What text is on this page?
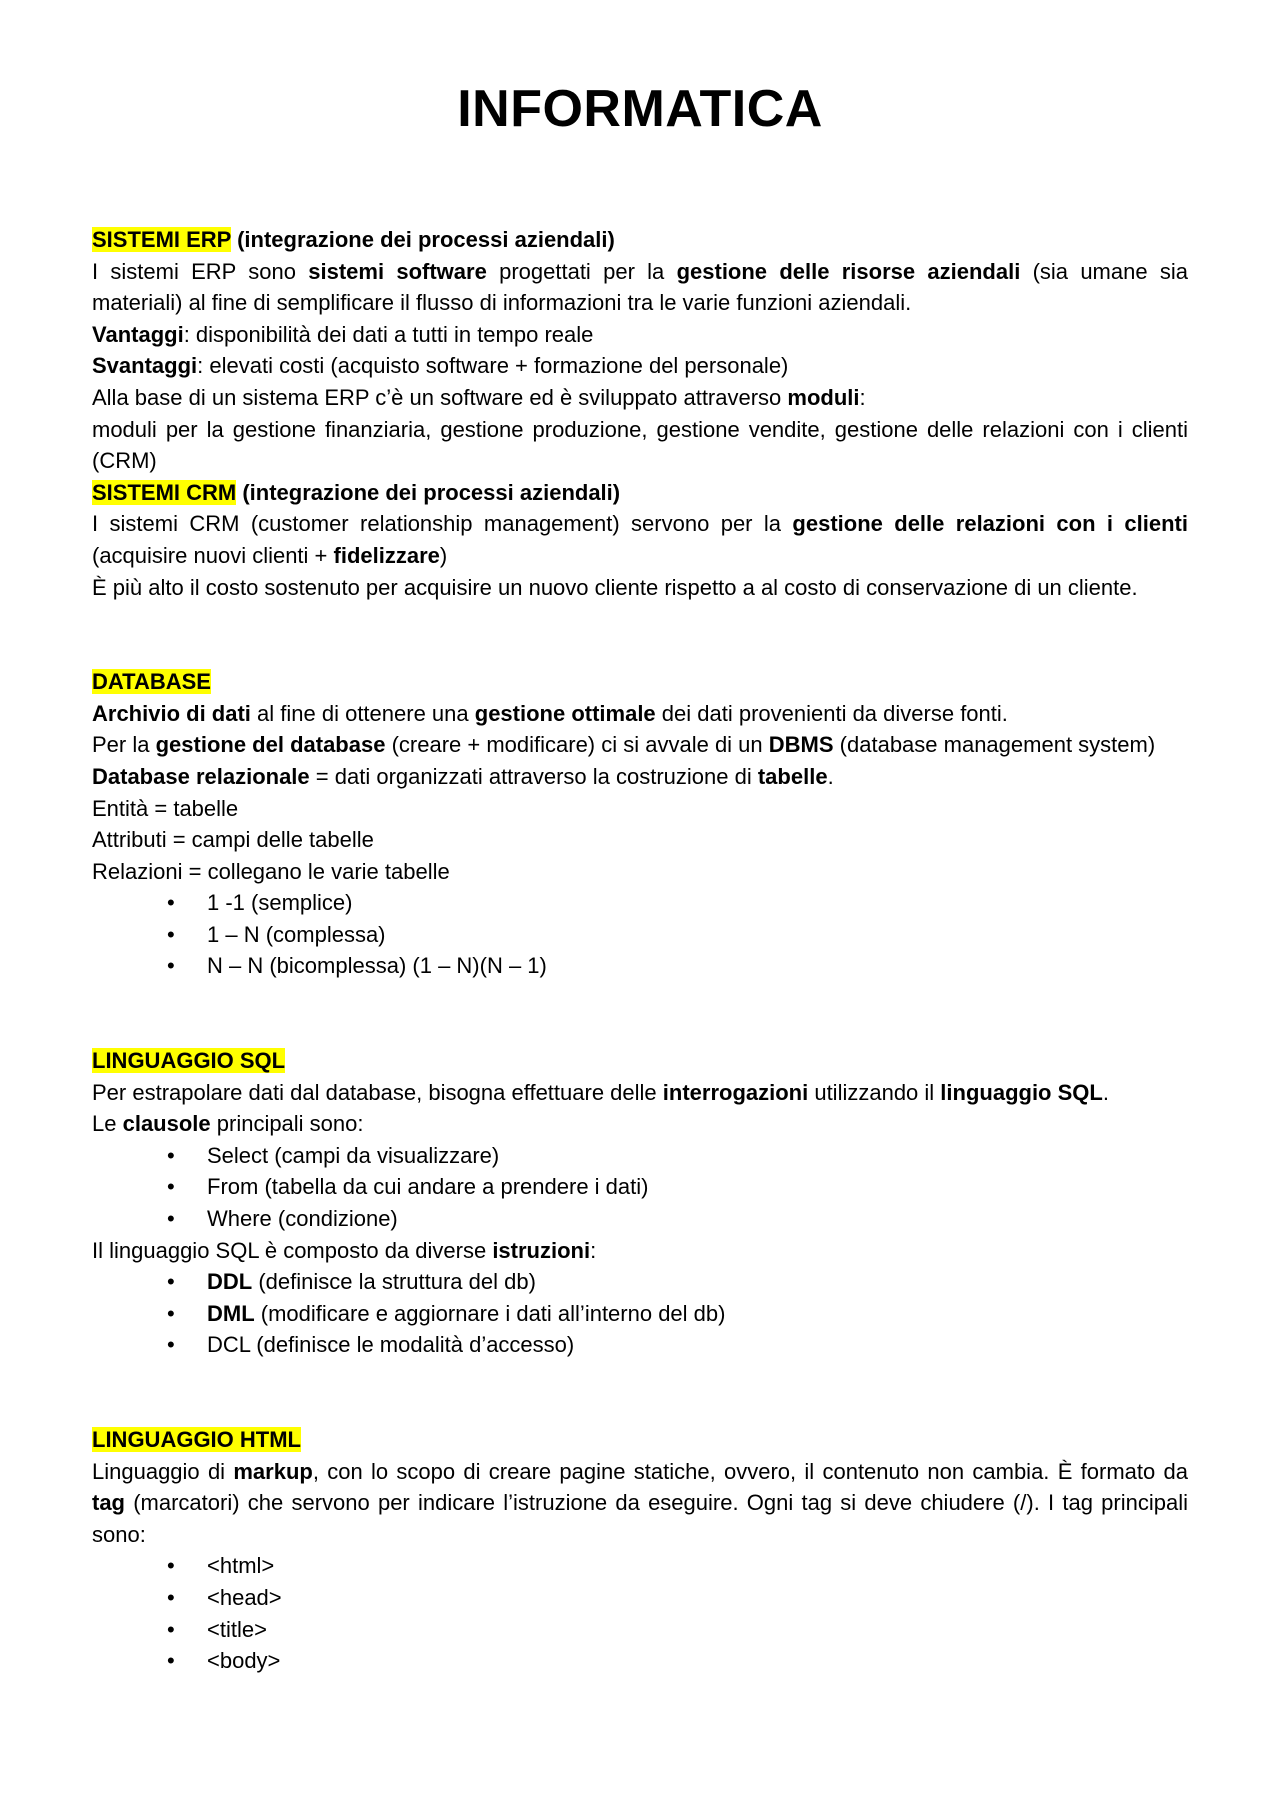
INFORMATICA

SISTEMI ERP (integrazione dei processi aziendali)

I sistemi ERP sono sistemi software progettati per la gestione delle risorse aziendali (sia umane sia materiali) al fine di semplificare il flusso di informazioni tra le varie funzioni aziendali.

Vantaggi: disponibilità dei dati a tutti in tempo reale

Svantaggi: elevati costi (acquisto software + formazione del personale)

Alla base di un sistema ERP c’è un software ed è sviluppato attraverso moduli:

moduli per la gestione finanziaria, gestione produzione, gestione vendite, gestione delle relazioni con i clienti (CRM)

SISTEMI CRM (integrazione dei processi aziendali)

I sistemi CRM (customer relationship management) servono per la gestione delle relazioni con i clienti (acquisire nuovi clienti + fidelizzare)

È più alto il costo sostenuto per acquisire un nuovo cliente rispetto a al costo di conservazione di un cliente.

DATABASE

Archivio di dati al fine di ottenere una gestione ottimale dei dati provenienti da diverse fonti.

Per la gestione del database (creare + modificare) ci si avvale di un DBMS (database management system)

Database relazionale = dati organizzati attraverso la costruzione di tabelle.

Entità = tabelle

Attributi = campi delle tabelle

Relazioni = collegano le varie tabelle

• 1 -1 (semplice)
• 1 – N (complessa)
• N – N (bicomplessa) (1 – N)(N – 1)

LINGUAGGIO SQL

Per estrapolare dati dal database, bisogna effettuare delle interrogazioni utilizzando il linguaggio SQL.

Le clausole principali sono:

• Select (campi da visualizzare)
• From (tabella da cui andare a prendere i dati)
• Where (condizione)

Il linguaggio SQL è composto da diverse istruzioni:

• DDL (definisce la struttura del db)
• DML (modificare e aggiornare i dati all’interno del db)
• DCL (definisce le modalità d’accesso)

LINGUAGGIO HTML

Linguaggio di markup, con lo scopo di creare pagine statiche, ovvero, il contenuto non cambia. È formato da tag (marcatori) che servono per indicare l’istruzione da eseguire. Ogni tag si deve chiudere (/). I tag principali sono:

• <html>
• <head>
• <title>
• <body>
